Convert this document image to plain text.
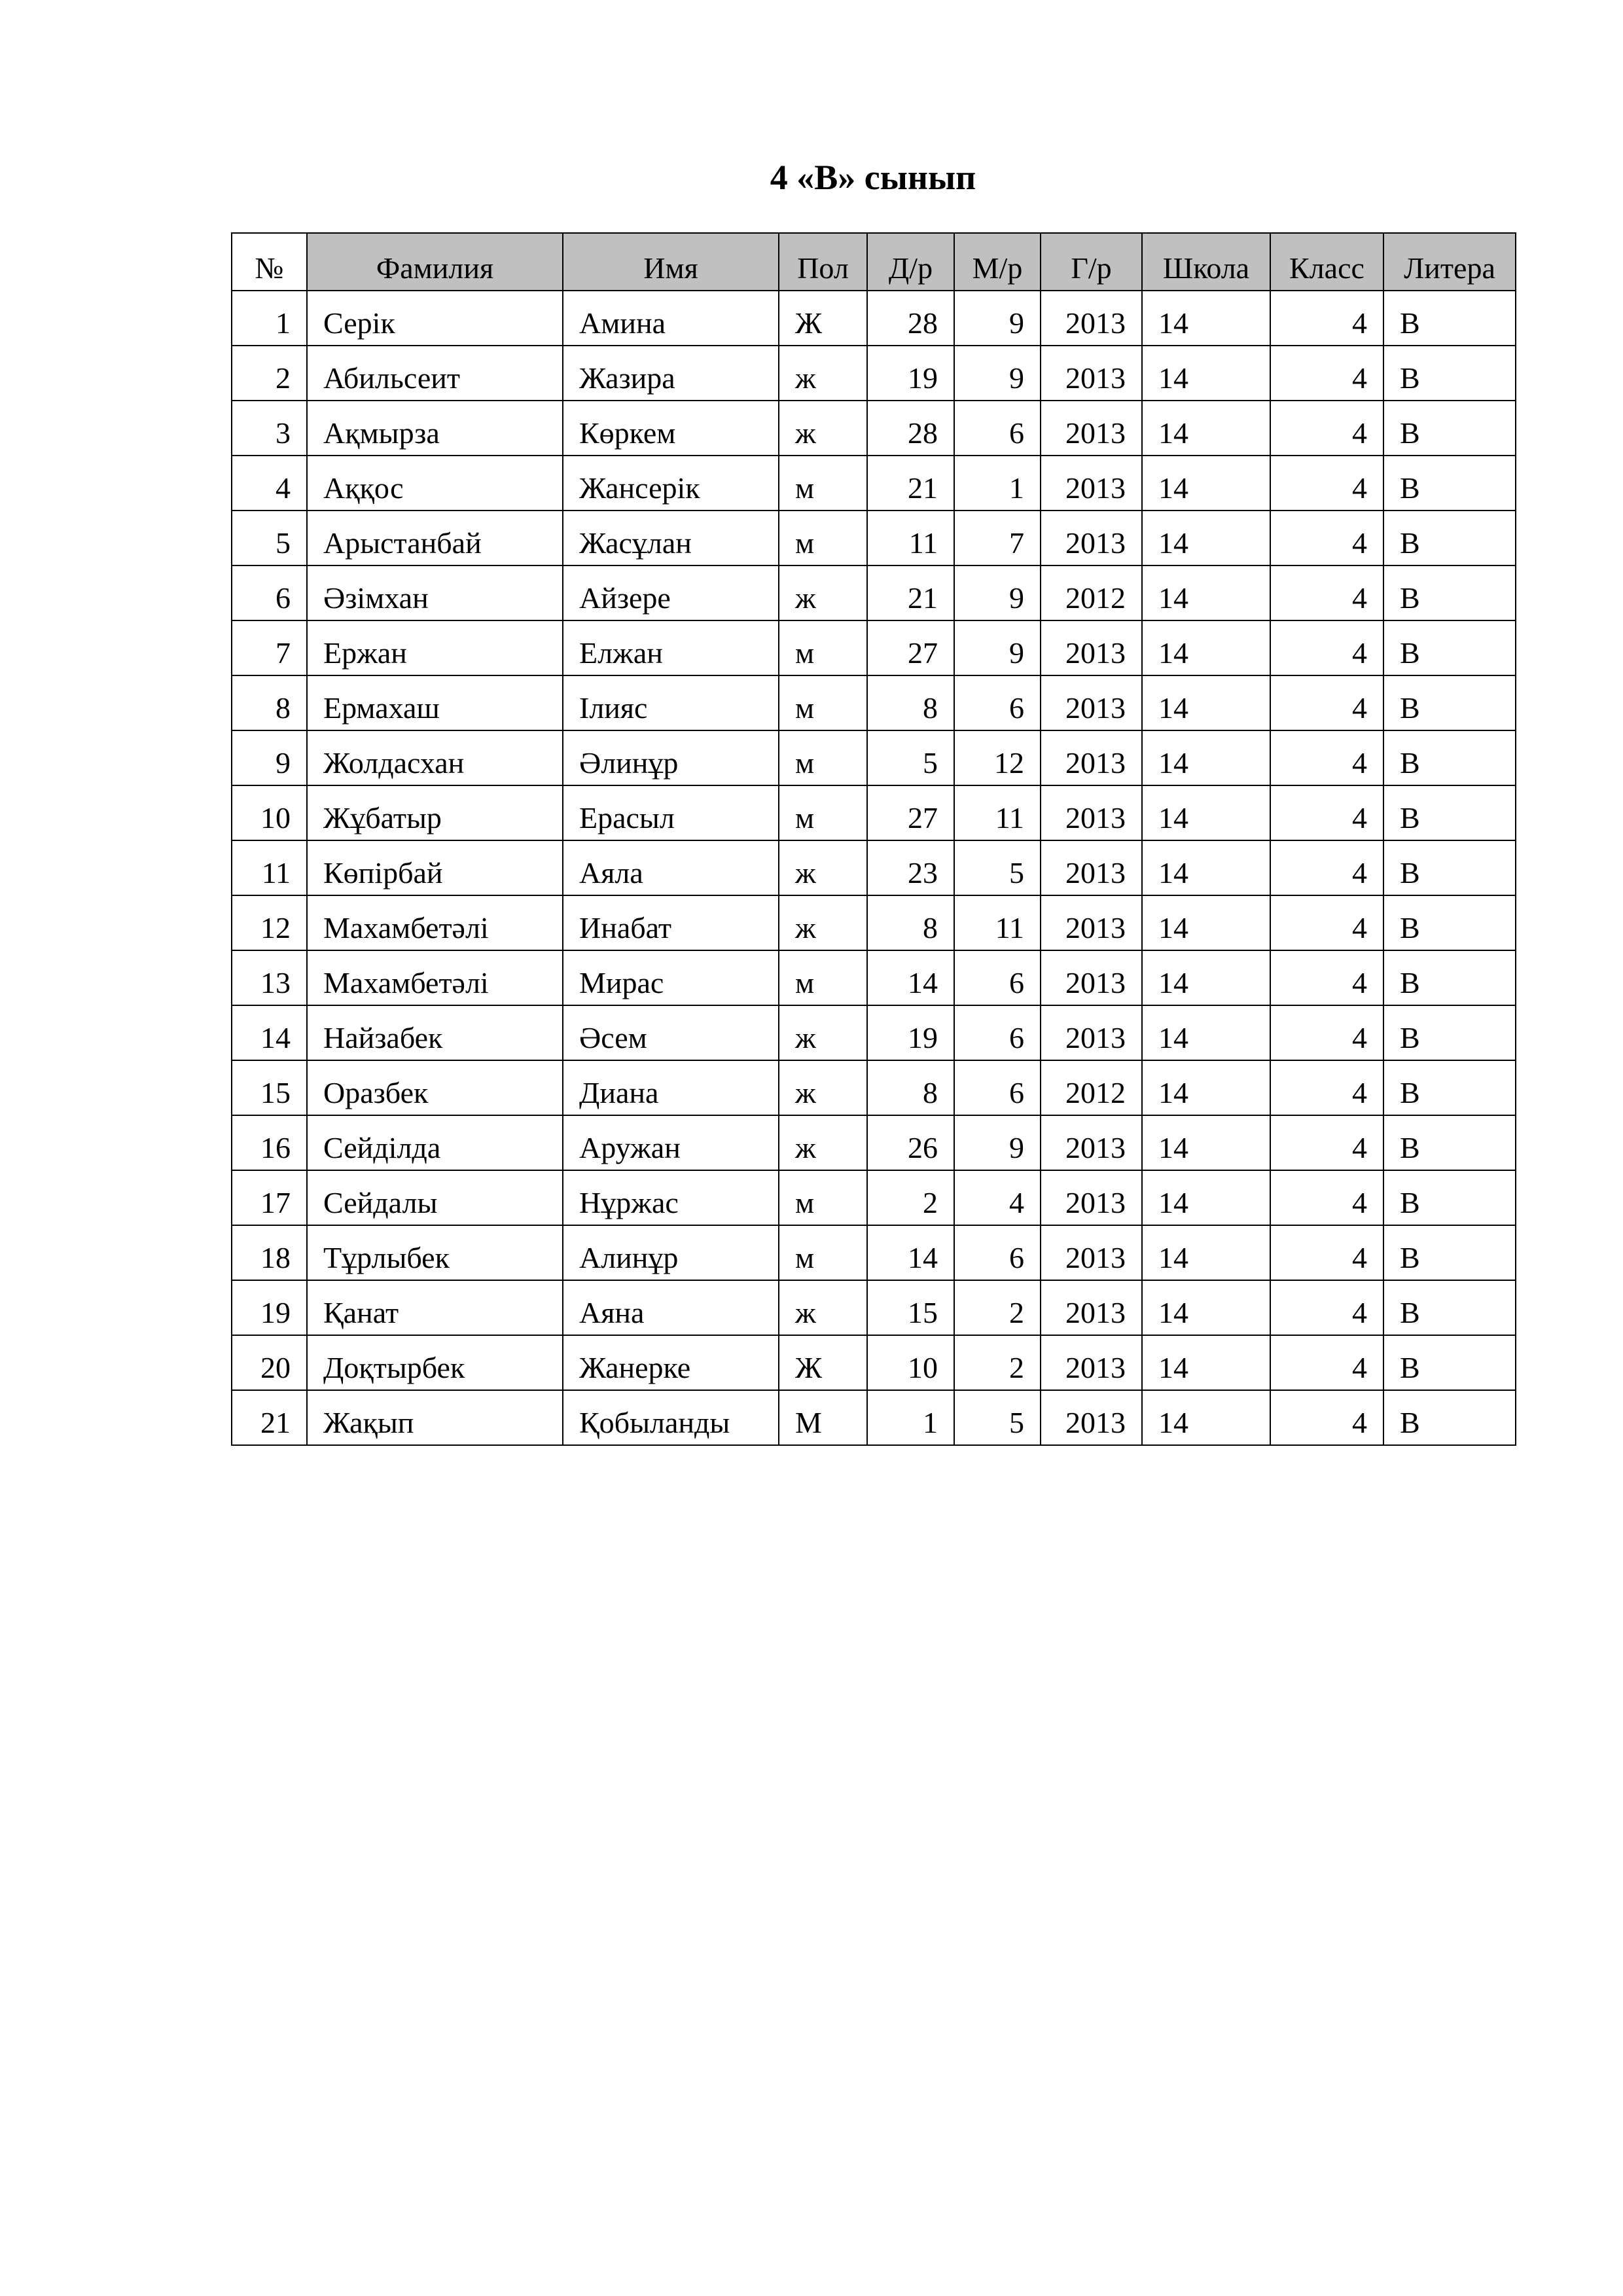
4 «В» сынып
№	Фамилия	Имя	Пол	Д/р	М/р	Г/р	Школа	Класс	Литера
1	Серік	Амина	Ж	28	9	2013	14	4	В
2	Абильсеит	Жазира	ж	19	9	2013	14	4	В
3	Ақмырза	Көркем	ж	28	6	2013	14	4	В
4	Аққос	Жансерік	м	21	1	2013	14	4	В
5	Арыстанбай	Жасұлан	м	11	7	2013	14	4	В
6	Әзімхан	Айзере	ж	21	9	2012	14	4	В
7	Ержан	Елжан	м	27	9	2013	14	4	В
8	Ермахаш	Ілияс	м	8	6	2013	14	4	В
9	Жолдасхан	Әлинұр	м	5	12	2013	14	4	В
10	Жұбатыр	Ерасыл	м	27	11	2013	14	4	В
11	Көпірбай	Аяла	ж	23	5	2013	14	4	В
12	Махамбетәлі	Инабат	ж	8	11	2013	14	4	В
13	Махамбетәлі	Мирас	м	14	6	2013	14	4	В
14	Найзабек	Әсем	ж	19	6	2013	14	4	В
15	Оразбек	Диана	ж	8	6	2012	14	4	В
16	Сейділда	Аружан	ж	26	9	2013	14	4	В
17	Сейдалы	Нұржас	м	2	4	2013	14	4	В
18	Тұрлыбек	Алинұр	м	14	6	2013	14	4	В
19	Қанат	Аяна	ж	15	2	2013	14	4	В
20	Доқтырбек	Жанерке	Ж	10	2	2013	14	4	В
21	Жақып	Қобыланды	М	1	5	2013	14	4	В
